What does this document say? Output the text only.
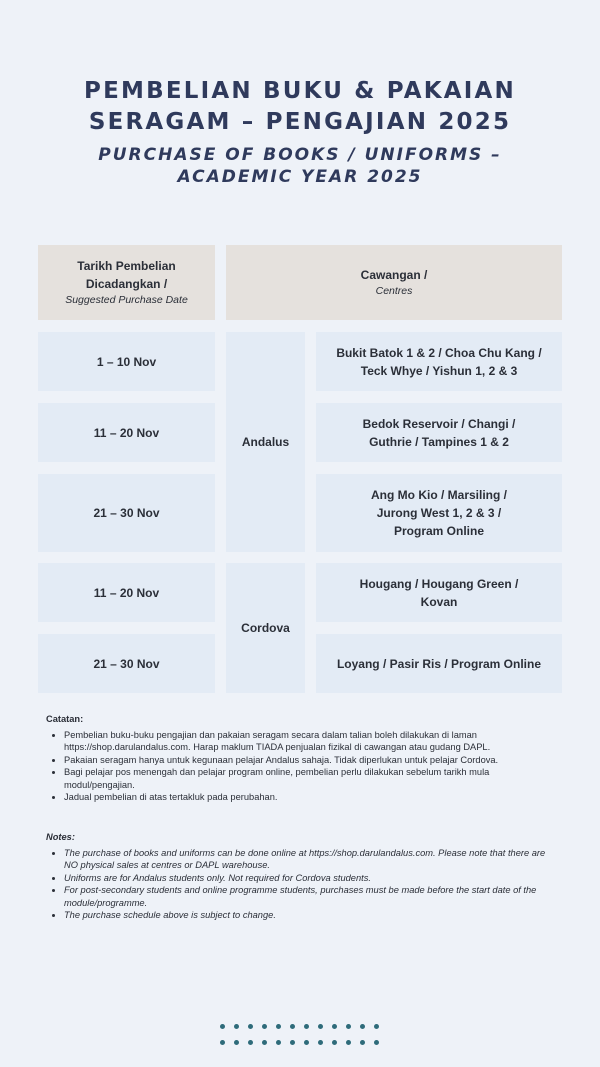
PEMBELIAN BUKU & PAKAIAN
SERAGAM – PENGAJIAN 2025
PURCHASE OF BOOKS / UNIFORMS –
ACADEMIC YEAR 2025
Tarikh Pembelian
Dicadangkan /
Suggested Purchase Date
Cawangan /
Centres
1 – 10 Nov
11 – 20 Nov
21 – 30 Nov
Andalus
Bukit Batok 1 & 2 / Choa Chu Kang /
Teck Whye / Yishun 1, 2 & 3
Bedok Reservoir / Changi /
Guthrie / Tampines 1 & 2
Ang Mo Kio / Marsiling /
Jurong West 1, 2 & 3 /
Program Online
11 – 20 Nov
21 – 30 Nov
Cordova
Hougang / Hougang Green /
Kovan
Loyang / Pasir Ris / Program Online
Catatan:
• Pembelian buku-buku pengajian dan pakaian seragam secara dalam talian boleh dilakukan di laman https://shop.darulandalus.com. Harap maklum TIADA penjualan fizikal di cawangan atau gudang DAPL.
• Pakaian seragam hanya untuk kegunaan pelajar Andalus sahaja. Tidak diperlukan untuk pelajar Cordova.
• Bagi pelajar pos menengah dan pelajar program online, pembelian perlu dilakukan sebelum tarikh mula modul/pengajian.
• Jadual pembelian di atas tertakluk pada perubahan.
Notes:
• The purchase of books and uniforms can be done online at https://shop.darulandalus.com. Please note that there are NO physical sales at centres or DAPL warehouse.
• Uniforms are for Andalus students only. Not required for Cordova students.
• For post-secondary students and online programme students, purchases must be made before the start date of the module/programme.
• The purchase schedule above is subject to change.
